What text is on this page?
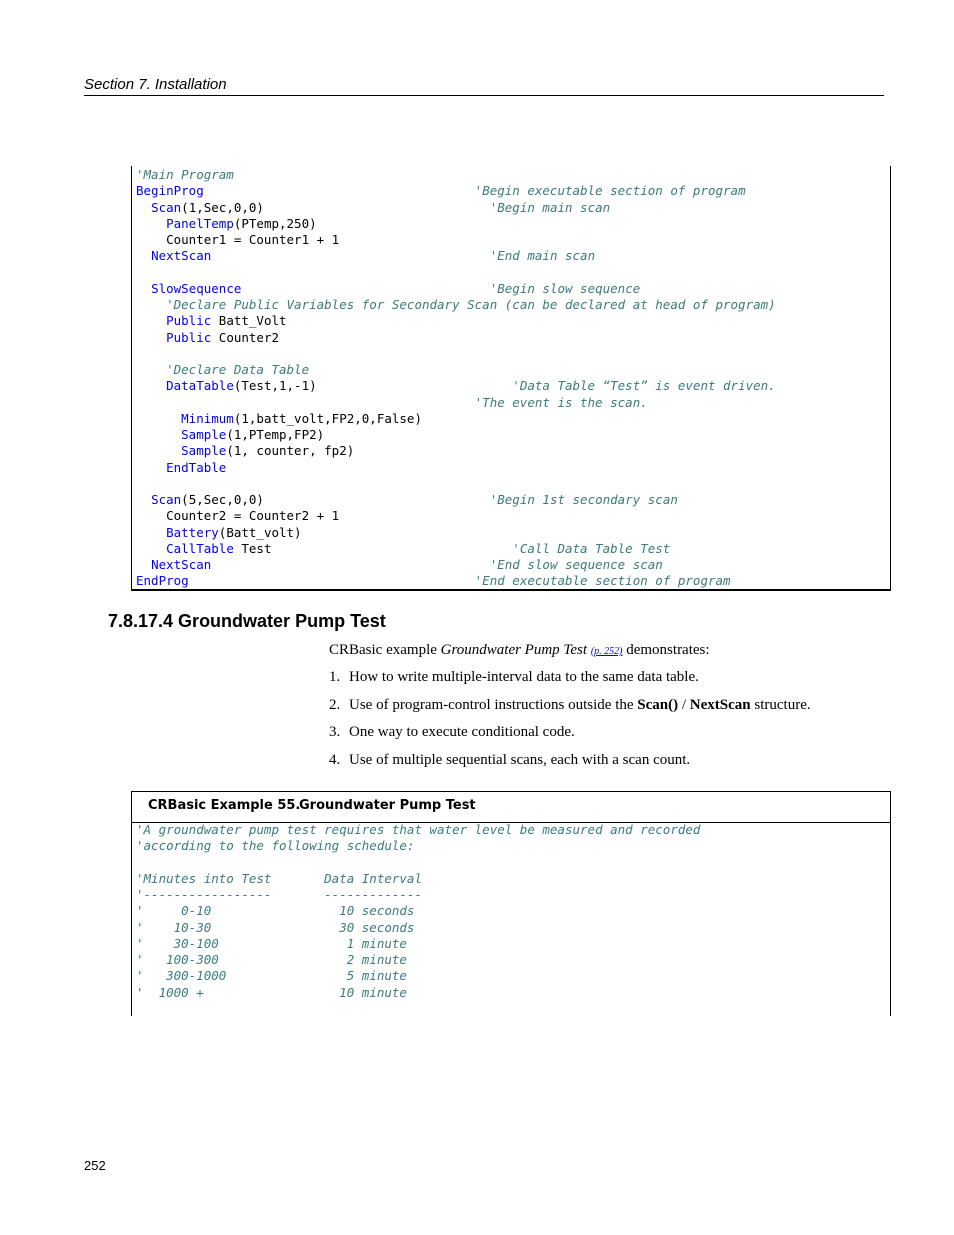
Section 7. Installation
'Main Program
BeginProg	'Begin executable section of program
Scan(1,Sec,0,0)                              'Begin main scan
PanelTemp(PTemp,250)
Counter1 = Counter1 + 1
NextScan	'End main scan

SlowSequence	'Begin slow sequence
'Declare Public Variables for Secondary Scan (can be declared at head of program)
Public Batt_Volt
Public Counter2

'Declare Data Table
DataTable(Test,1,-1)                          'Data Table “Test” is event driven.
'The event is the scan.
Minimum(1,batt_volt,FP2,0,False)
Sample(1,PTemp,FP2)
Sample(1, counter, fp2)
EndTable

Scan(5,Sec,0,0)                              'Begin 1st secondary scan
Counter2 = Counter2 + 1
Battery(Batt_volt)
CallTable Test                                'Call Data Table Test
NextScan	'End slow sequence scan
EndProg	'End executable section of program
7.8.17.4 Groundwater Pump Test
CRBasic example Groundwater Pump Test (p. 252) demonstrates:
1. How to write multiple-interval data to the same data table.
2. Use of program-control instructions outside the Scan() / NextScan structure.
3. One way to execute conditional code.
4. Use of multiple sequential scans, each with a scan count.
CRBasic Example 55.
Groundwater Pump Test
'A groundwater pump test requires that water level be measured and recorded
'according to the following schedule:

'Minutes into Test       Data Interval
'-----------------       -------------
'     0-10                 10 seconds
'    10-30                 30 seconds
'    30-100                 1 minute
'   100-300                 2 minute
'   300-1000                5 minute
'  1000 +                  10 minute
252
